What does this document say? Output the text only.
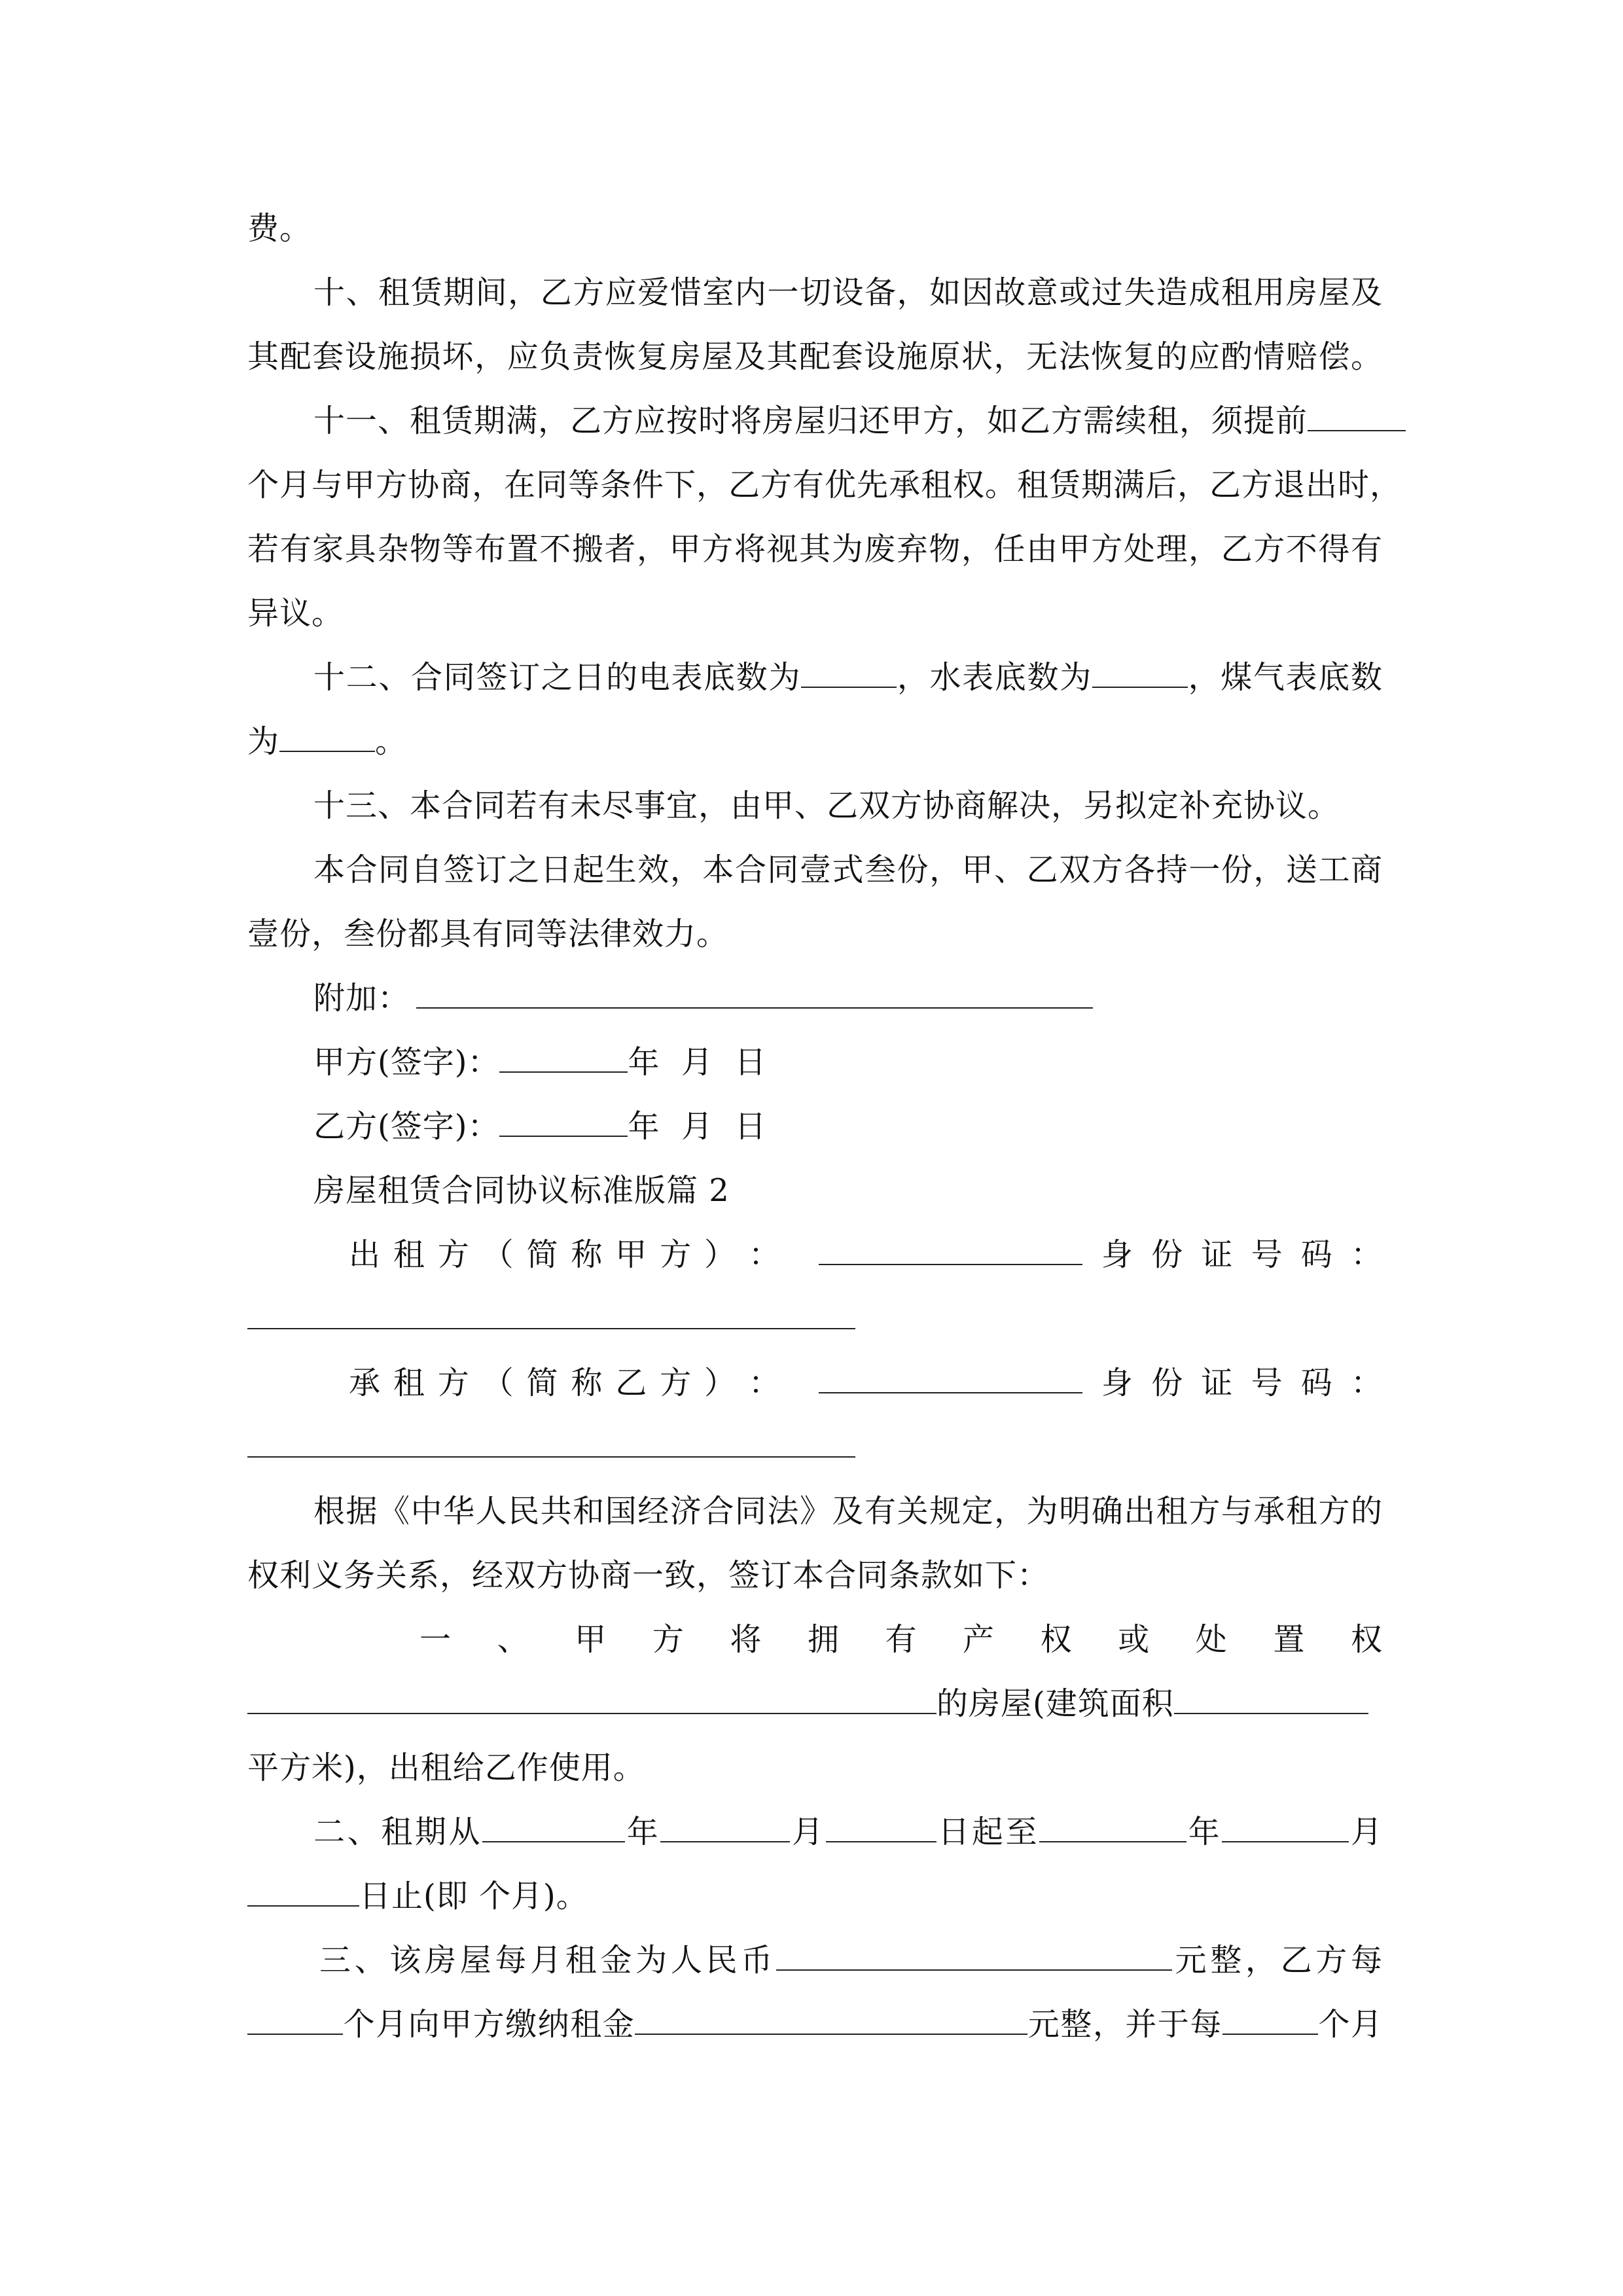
费。
十、租赁期间，乙方应爱惜室内一切设备，如因故意或过失造成租用房屋及
其配套设施损坏，应负责恢复房屋及其配套设施原状，无法恢复的应酌情赔偿。
十一、租赁期满，乙方应按时将房屋归还甲方，如乙方需续租，须提前
个月与甲方协商，在同等条件下，乙方有优先承租权。租赁期满后，乙方退出时，
若有家具杂物等布置不搬者，甲方将视其为废弃物，任由甲方处理，乙方不得有
异议。
十二、合同签订之日的电表底数为	，水表底数为	，煤气表底数
为	。
十三、本合同若有未尽事宜，由甲、乙双方协商解决，另拟定补充协议。
本合同自签订之日起生效，本合同壹式叁份，甲、乙双方各持一份，送工商
壹份，叁份都具有同等法律效力。
附加：
甲方(签字)：	年  月  日
乙方(签字)：	年  月  日
房屋租赁合同协议标准版篇 2
出 租 方 （ 简 称 甲 方 ） ：	身 份 证 号 码 ：
承 租 方 （ 简 称 乙 方 ） ：	身 份 证 号 码 ：
根据《中华人民共和国经济合同法》及有关规定，为明确出租方与承租方的
权利义务关系，经双方协商一致，签订本合同条款如下：
一 、 甲 方 将 拥 有 产 权 或 处 置 权
的房屋(建筑面积
平方米)，出租给乙作使用。
二、租期从	年	月	日起至	年	月
日止(即 个月)。
三、该房屋每月租金为人民币	元整，乙方每
个月向甲方缴纳租金	元整，并于每	个月
